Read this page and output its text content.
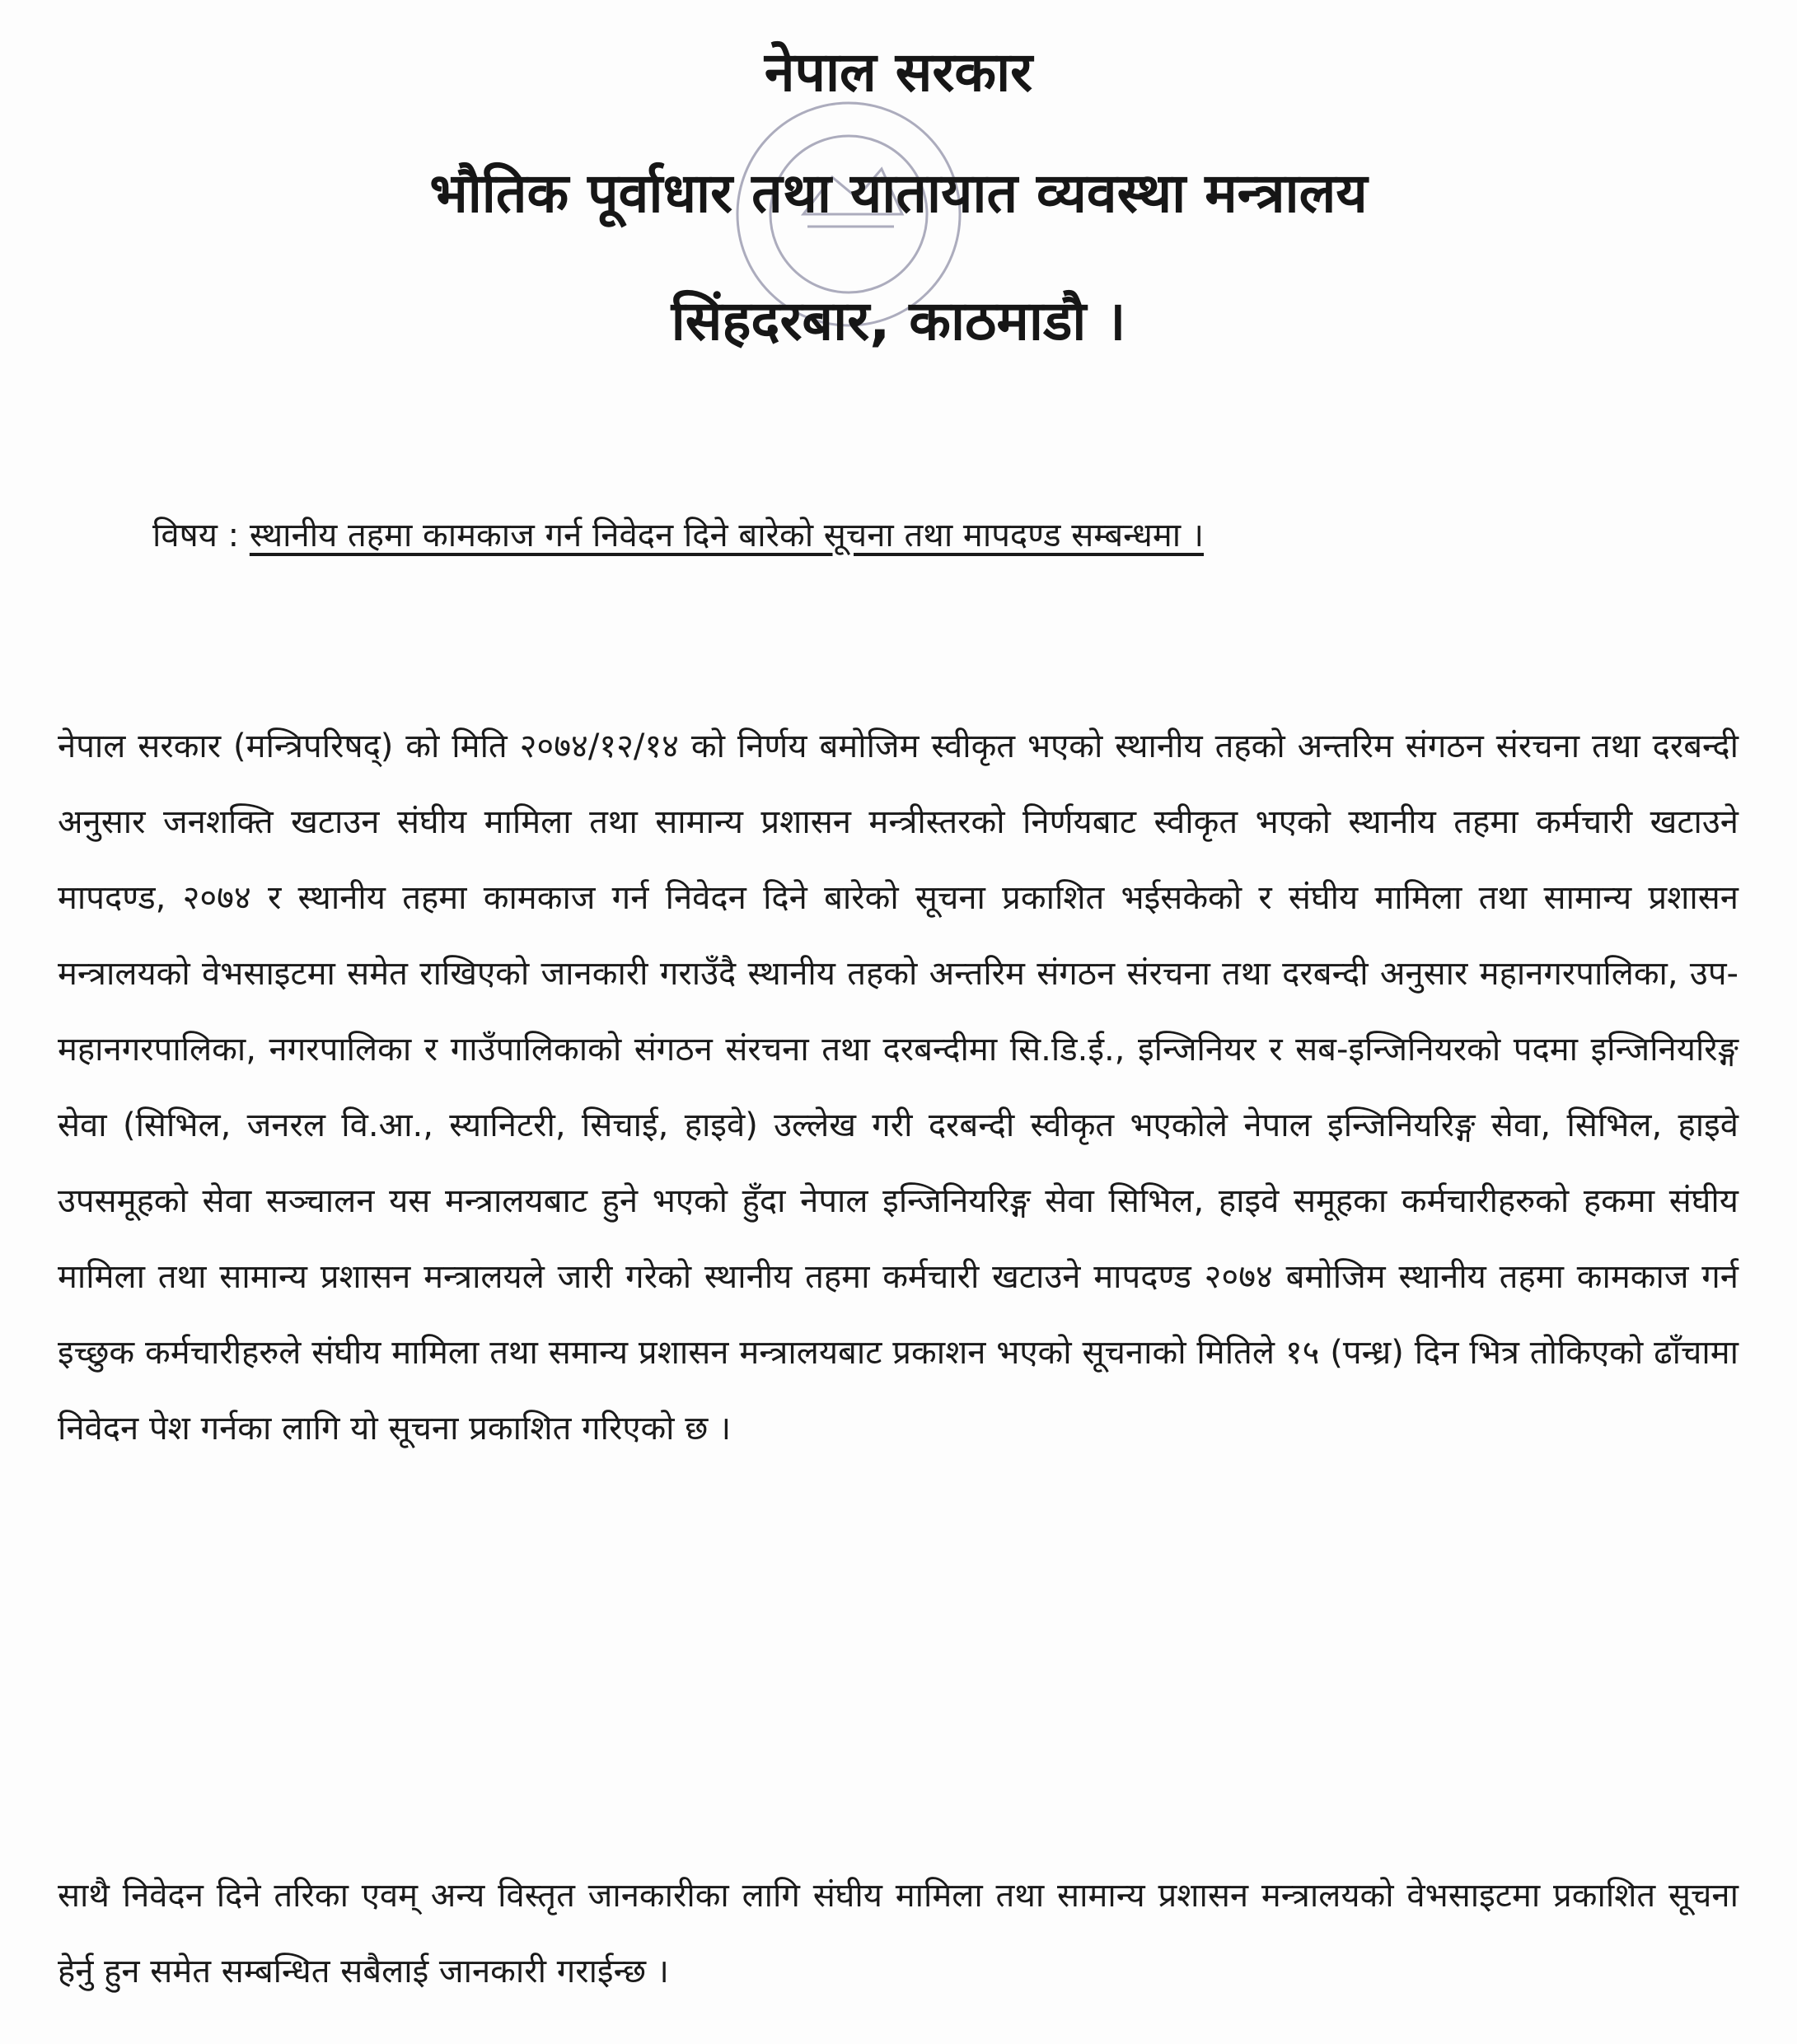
नेपाल सरकार
भौतिक पूर्वाधार तथा यातायात व्यवस्था मन्त्रालय
सिंहदरबार, काठमाडौ ।
विषय : स्थानीय तहमा कामकाज गर्न निवेदन दिने बारेको सूचना तथा मापदण्ड सम्बन्धमा ।
नेपाल सरकार (मन्त्रिपरिषद्) को मिति २०७४/१२/१४ को निर्णय बमोजिम स्वीकृत भएको स्थानीय तहको अन्तरिम संगठन संरचना तथा दरबन्दी अनुसार जनशक्ति खटाउन संघीय मामिला तथा सामान्य प्रशासन मन्त्रीस्तरको निर्णयबाट स्वीकृत भएको स्थानीय तहमा कर्मचारी खटाउने मापदण्ड, २०७४ र स्थानीय तहमा कामकाज गर्न निवेदन दिने बारेको सूचना प्रकाशित भईसकेको र संघीय मामिला तथा सामान्य प्रशासन मन्त्रालयको वेभसाइटमा समेत राखिएको जानकारी गराउँदै स्थानीय तहको अन्तरिम संगठन संरचना तथा दरबन्दी अनुसार महानगरपालिका, उप-महानगरपालिका, नगरपालिका र गाउँपालिकाको संगठन संरचना तथा दरबन्दीमा सि.डि.ई., इन्जिनियर र सब-इन्जिनियरको पदमा इन्जिनियरिङ्ग सेवा (सिभिल, जनरल वि.आ., स्यानिटरी, सिचाई, हाइवे) उल्लेख गरी दरबन्दी स्वीकृत भएकोले नेपाल इन्जिनियरिङ्ग सेवा, सिभिल, हाइवे उपसमूहको सेवा सञ्चालन यस मन्त्रालयबाट हुने भएको हुँदा नेपाल इन्जिनियरिङ्ग सेवा सिभिल, हाइवे समूहका कर्मचारीहरुको हकमा संघीय मामिला तथा सामान्य प्रशासन मन्त्रालयले जारी गरेको स्थानीय तहमा कर्मचारी खटाउने मापदण्ड २०७४ बमोजिम स्थानीय तहमा कामकाज गर्न इच्छुक कर्मचारीहरुले संघीय मामिला तथा समान्य प्रशासन मन्त्रालयबाट प्रकाशन भएको सूचनाको मितिले १५ (पन्ध्र) दिन भित्र तोकिएको ढाँचामा निवेदन पेश गर्नका लागि यो सूचना प्रकाशित गरिएको छ ।
साथै निवेदन दिने तरिका एवम् अन्य विस्तृत जानकारीका लागि संघीय मामिला तथा सामान्य प्रशासन मन्त्रालयको वेभसाइटमा प्रकाशित सूचना हेर्नु हुन समेत सम्बन्धित सबैलाई जानकारी गराईन्छ ।
